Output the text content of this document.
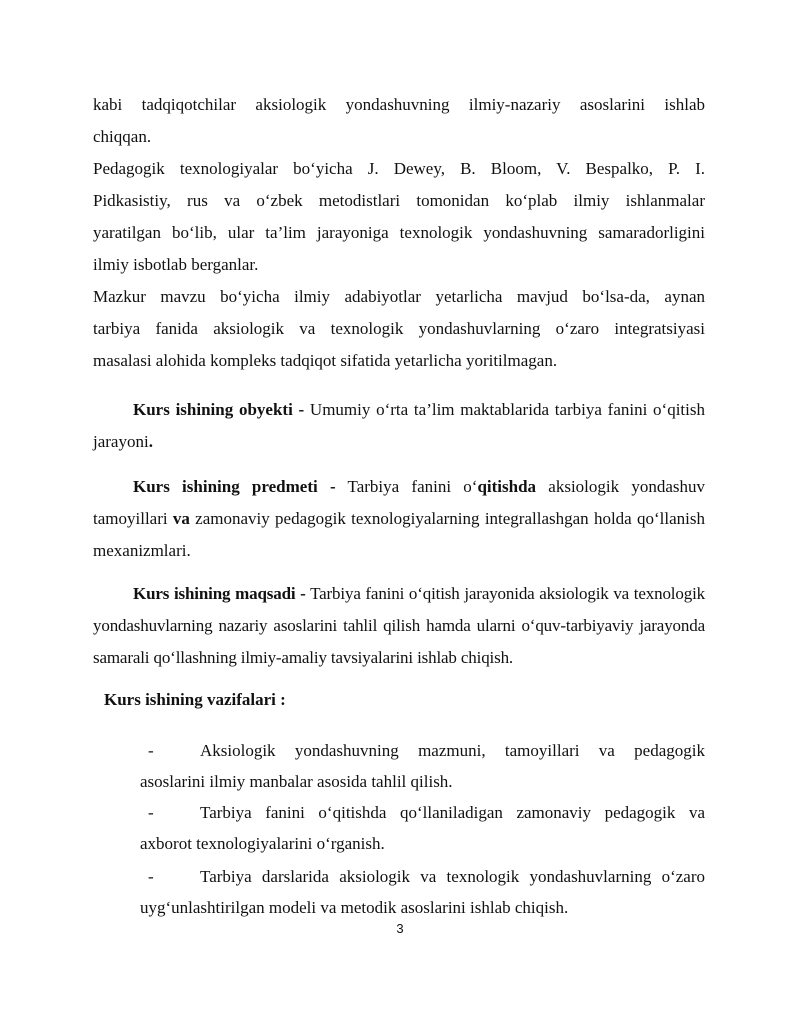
kabi tadqiqotchilar aksiologik yondashuvning ilmiy-nazariy asoslarini ishlab
chiqqan.
Pedagogik texnologiyalar bo‘yicha J. Dewey, B. Bloom, V. Bespalko, P. I.
Pidkasistiy, rus va o‘zbek metodistlari tomonidan ko‘plab ilmiy ishlanmalar
yaratilgan bo‘lib, ular ta’lim jarayoniga texnologik yondashuvning samaradorligini
ilmiy isbotlab berganlar.
Mazkur mavzu bo‘yicha ilmiy adabiyotlar yetarlicha mavjud bo‘lsa-da, aynan
tarbiya fanida aksiologik va texnologik yondashuvlarning o‘zaro integratsiyasi
masalasi alohida kompleks tadqiqot sifatida yetarlicha yoritilmagan.
Kurs ishining obyekti - Umumiy o‘rta ta’lim maktablarida tarbiya fanini o‘qitish jarayoni.
Kurs ishining predmeti - Tarbiya fanini o‘qitishda aksiologik yondashuv tamoyillari va zamonaviy pedagogik texnologiyalarning integrallashgan holda qo‘llanish mexanizmlari.
Kurs ishining maqsadi - Tarbiya fanini o‘qitish jarayonida aksiologik va texnologik yondashuvlarning nazariy asoslarini tahlil qilish hamda ularni o‘quv-tarbiyaviy jarayonda samarali qo‘llashning ilmiy-amaliy tavsiyalarini ishlab chiqish.
Kurs ishining vazifalari :
-	Aksiologik yondashuvning mazmuni, tamoyillari va pedagogik
asoslarini ilmiy manbalar asosida tahlil qilish.
-	Tarbiya fanini o‘qitishda qo‘llaniladigan zamonaviy pedagogik va
axborot texnologiyalarini o‘rganish.
-	Tarbiya darslarida aksiologik va texnologik yondashuvlarning o‘zaro
uyg‘unlashtirilgan modeli va metodik asoslarini ishlab chiqish.
3
